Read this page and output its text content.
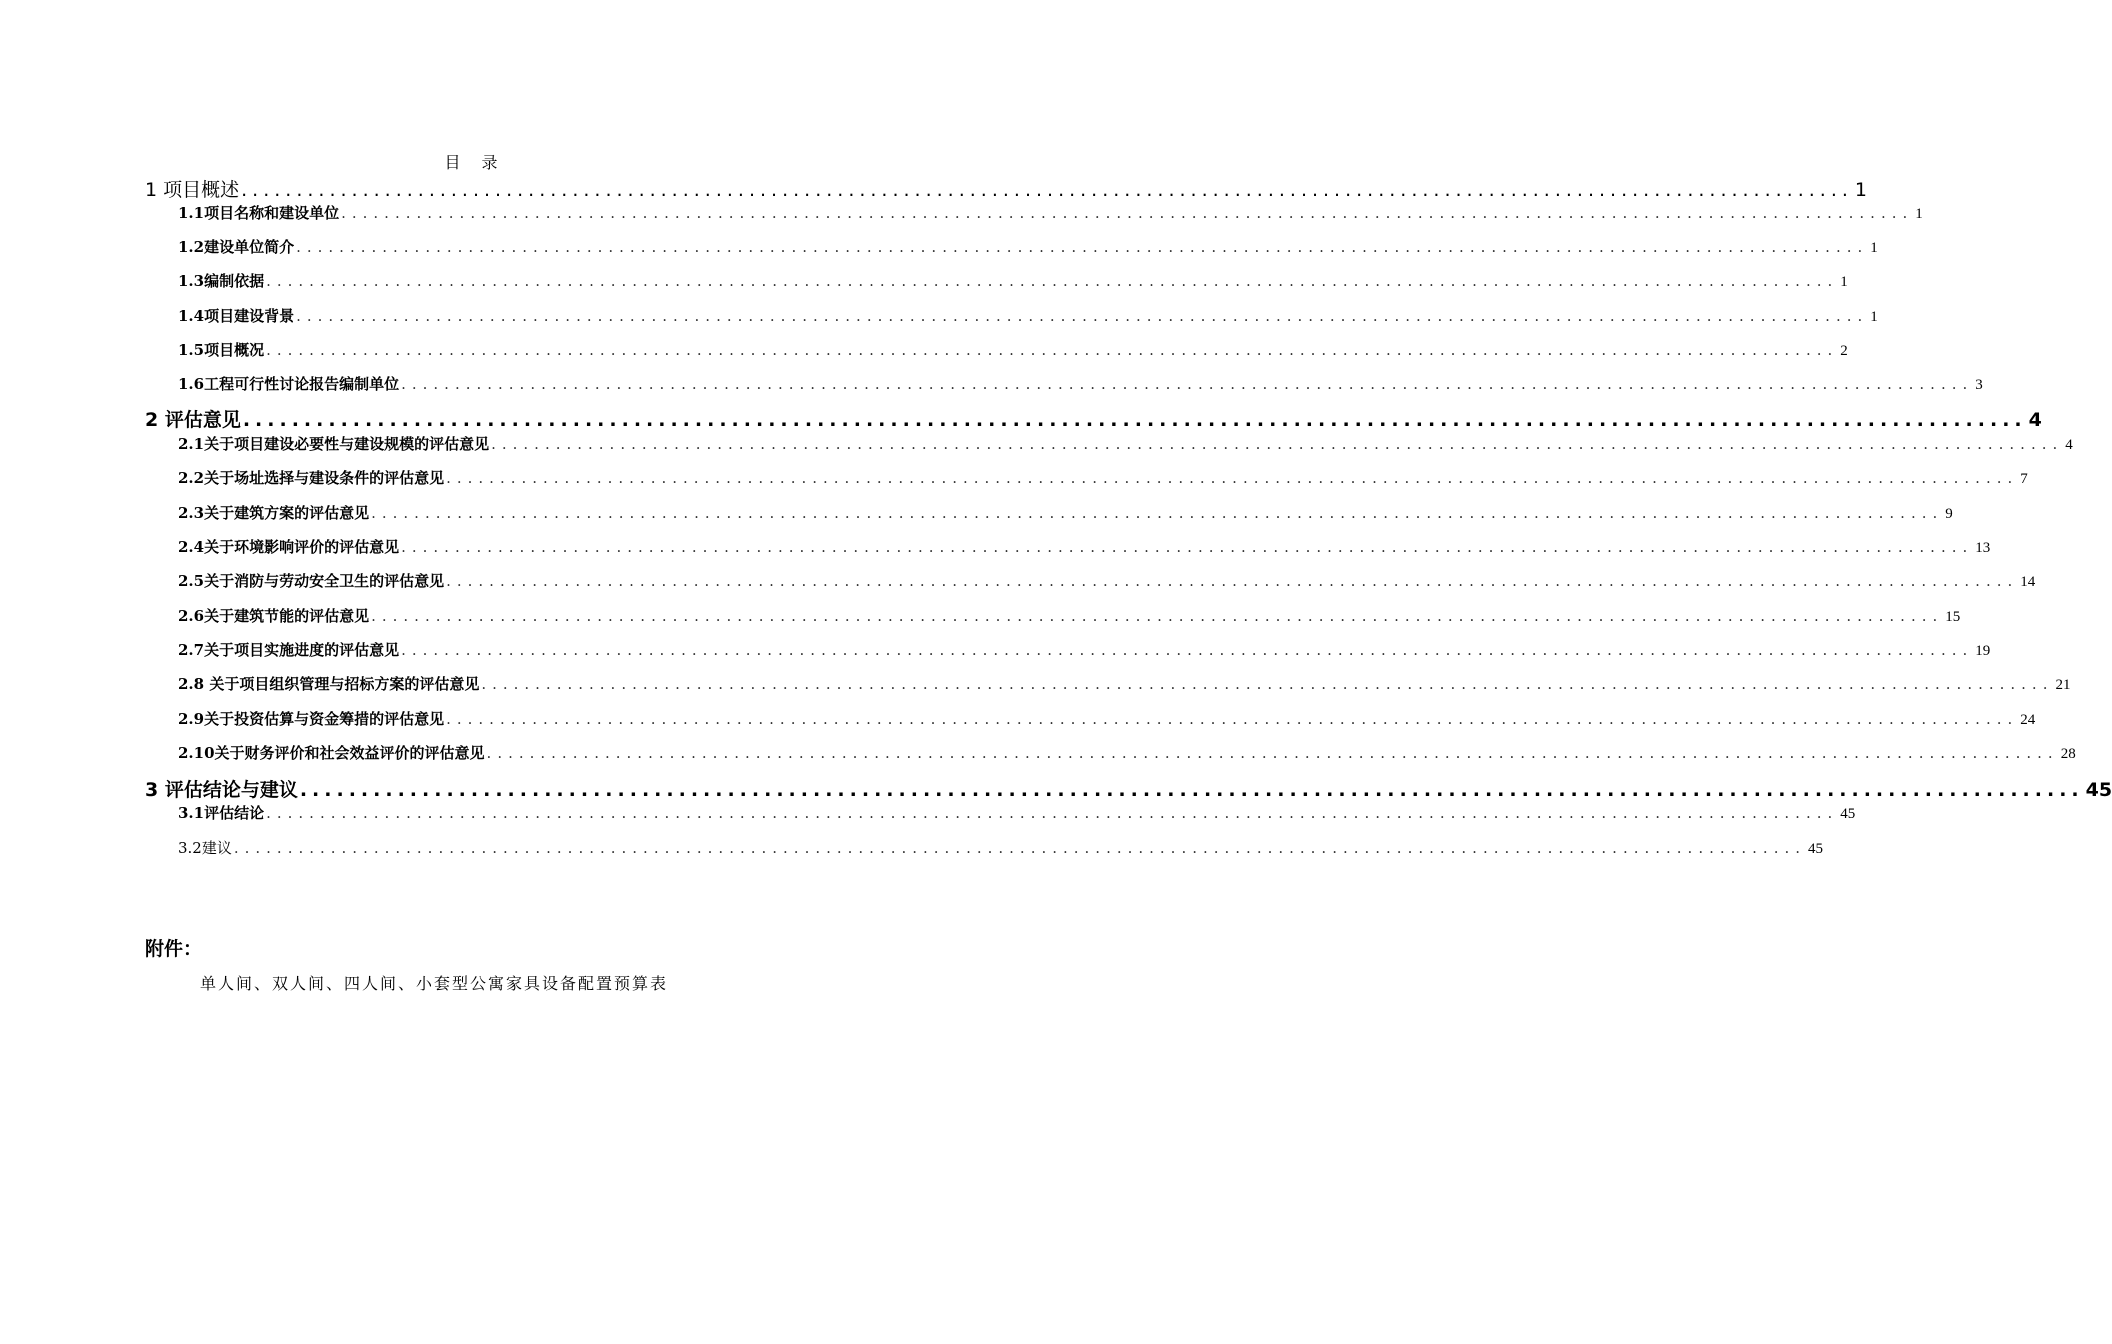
目 录
1 项目概述 .................................................................................................................................................. 1
1.1项目名称和建设单位 .................................................................................................................................................. 1
1.2建设单位简介 .................................................................................................................................................. 1
1.3编制依据 .................................................................................................................................................. 1
1.4项目建设背景 .................................................................................................................................................. 1
1.5项目概况 .................................................................................................................................................. 2
1.6工程可行性讨论报告编制单位 .................................................................................................................................................. 3
2 评估意见 .................................................................................................................................................. 4
2.1关于项目建设必要性与建设规模的评估意见 .................................................................................................................................................. 4
2.2关于场址选择与建设条件的评估意见 .................................................................................................................................................. 7
2.3关于建筑方案的评估意见 .................................................................................................................................................. 9
2.4关于环境影响评价的评估意见 .................................................................................................................................................. 13
2.5关于消防与劳动安全卫生的评估意见 .................................................................................................................................................. 14
2.6关于建筑节能的评估意见 .................................................................................................................................................. 15
2.7关于项目实施进度的评估意见 .................................................................................................................................................. 19
2.8 关于项目组织管理与招标方案的评估意见 .................................................................................................................................................. 21
2.9关于投资估算与资金筹措的评估意见 .................................................................................................................................................. 24
2.10关于财务评价和社会效益评价的评估意见 .................................................................................................................................................. 28
3 评估结论与建议 .................................................................................................................................................. 45
3.1评估结论 .................................................................................................................................................. 45
3.2建议 .................................................................................................................................................. 45
附件：
单人间、双人间、四人间、小套型公寓家具设备配置预算表
